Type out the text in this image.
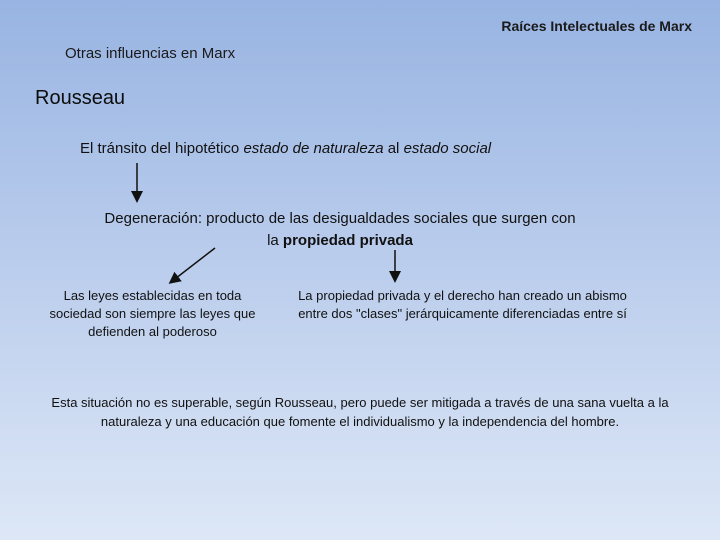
Raíces Intelectuales de Marx
Otras influencias en Marx
Rousseau
El tránsito del hipotético estado de naturaleza al estado social
Degeneración: producto de las desigualdades sociales que surgen con
la propiedad privada
Las leyes establecidas en toda sociedad son siempre las leyes que defienden al poderoso
La propiedad privada y el derecho han creado un abismo entre dos "clases" jerárquicamente diferenciadas entre sí
Esta situación no es superable, según Rousseau, pero puede ser mitigada a través de una sana vuelta a la naturaleza y una educación que fomente el individualismo y la independencia del hombre.
